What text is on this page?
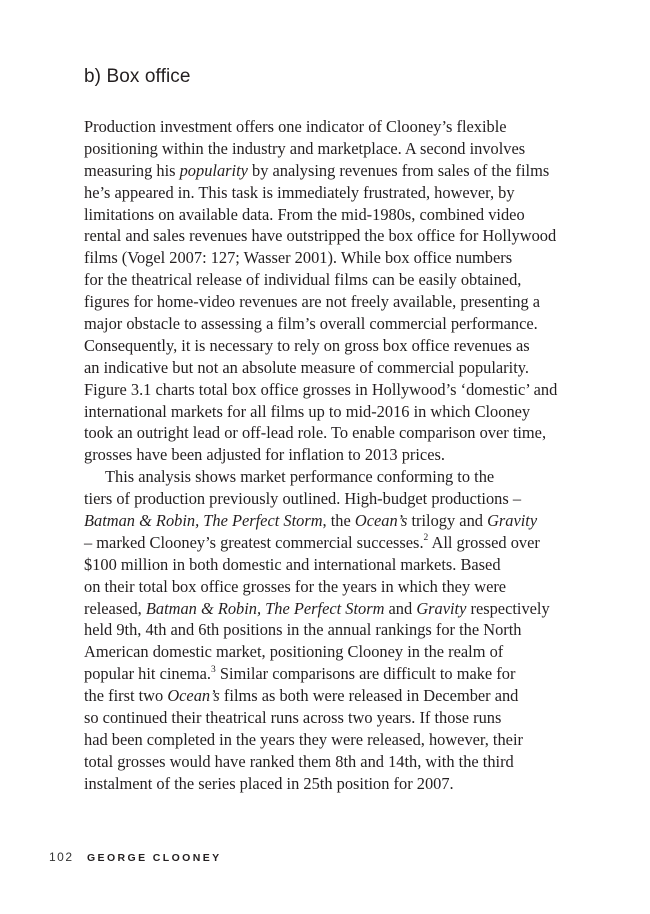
b) Box office
Production investment offers one indicator of Clooney’s flexible
positioning within the industry and marketplace. A second involves
measuring his popularity by analysing revenues from sales of the films
he’s appeared in. This task is immediately frustrated, however, by
limitations on available data. From the mid-1980s, combined video
rental and sales revenues have outstripped the box office for Hollywood
films (Vogel 2007: 127; Wasser 2001). While box office numbers
for the theatrical release of individual films can be easily obtained,
figures for home-video revenues are not freely available, presenting a
major obstacle to assessing a film’s overall commercial performance.
Consequently, it is necessary to rely on gross box office revenues as
an indicative but not an absolute measure of commercial popularity.
Figure 3.1 charts total box office grosses in Hollywood’s ‘domestic’ and
international markets for all films up to mid-2016 in which Clooney
took an outright lead or off-lead role. To enable comparison over time,
grosses have been adjusted for inflation to 2013 prices.
This analysis shows market performance conforming to the
tiers of production previously outlined. High-budget productions –
Batman & Robin, The Perfect Storm, the Ocean’s trilogy and Gravity
– marked Clooney’s greatest commercial successes.$^2$ All grossed over
$100 million in both domestic and international markets. Based
on their total box office grosses for the years in which they were
released, Batman & Robin, The Perfect Storm and Gravity respectively
held 9th, 4th and 6th positions in the annual rankings for the North
American domestic market, positioning Clooney in the realm of
popular hit cinema.$^3$ Similar comparisons are difficult to make for
the first two Ocean’s films as both were released in December and
so continued their theatrical runs across two years. If those runs
had been completed in the years they were released, however, their
total grosses would have ranked them 8th and 14th, with the third
instalment of the series placed in 25th position for 2007.
102 GEORGE CLOONEY
